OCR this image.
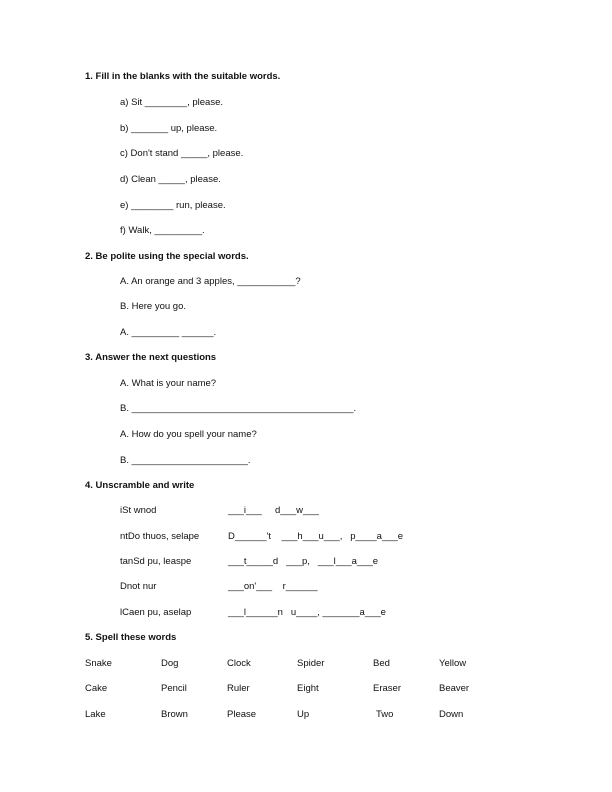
1. Fill in the blanks with the suitable words.
a) Sit ________, please.
b) _______ up, please.
c) Don't stand _____, please.
d) Clean _____, please.
e) ________ run, please.
f) Walk, _________.
2. Be polite using the special words.
A. An orange and 3 apples, ___________?
B. Here you go.
A. _________ ______.
3. Answer the next questions
A. What is your name?
B. __________________________________________.
A. How do you spell your name?
B. ______________________.
4. Unscramble and write
iSt wnod	___i___     d___w___
ntDo thuos, selape	D______'t    ___h___u___,   p____a___e
tanSd pu, leaspe	___t_____d   ___p,   ___l___a___e
Dnot nur	___on'___    r______
lCaen pu, aselap	___l______n   u____, _______a___e
5. Spell these words
Snake	Dog	Clock	Spider	Bed	Yellow
Cake	Pencil	Ruler	Eight	Eraser	Beaver
Lake	Brown	Please	Up	Two	Down
